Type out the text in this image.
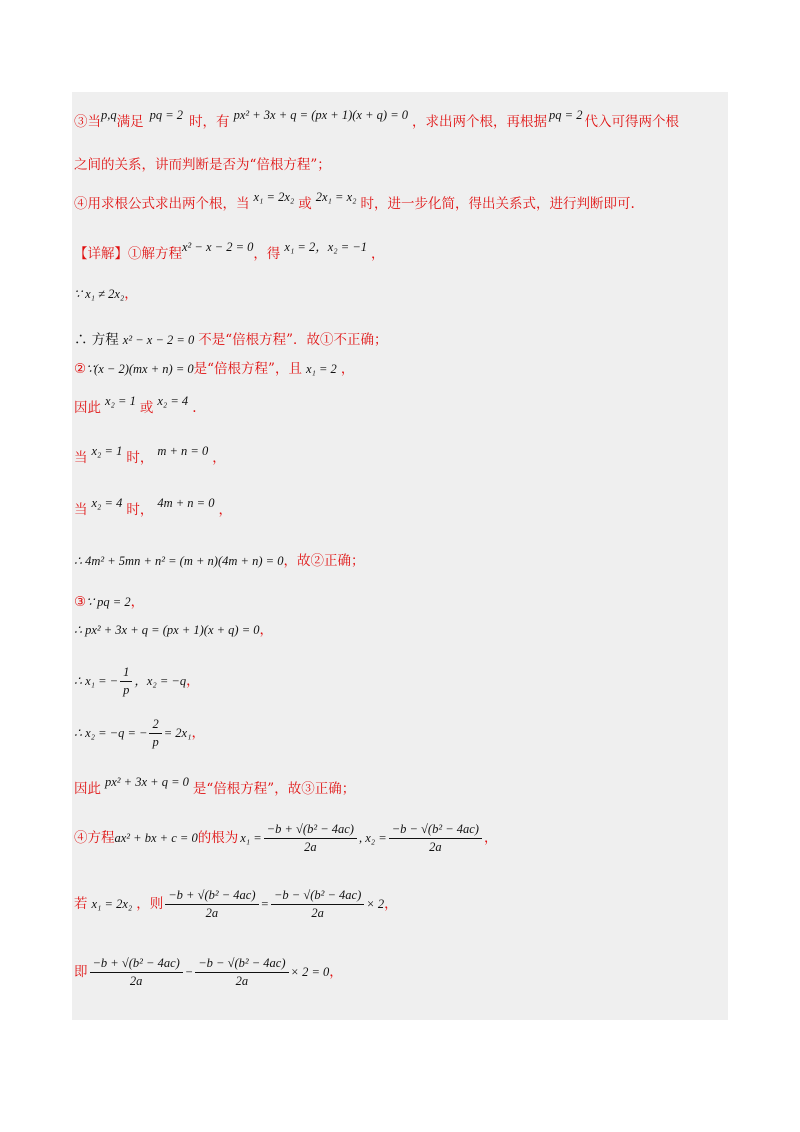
③当p,q满足 pq = 2 时，有 px² + 3x + q = (px + 1)(x + q) = 0 ，求出两个根，再根据 pq = 2 代入可得两个根
之间的关系，讲而判断是否为“倍根方程”；
④用求根公式求出两个根，当 x₁ = 2x₂ 或 2x₁ = x₂ 时，进一步化简，得出关系式，进行判断即可.
【详解】①解方程x² − x − 2 = 0，得 x₁ = 2，x₂ = −1 ，
∵ x₁ ≠ 2x₂，
∴ 方程 x² − x − 2 = 0 不是“倍根方程”．故①不正确；
②∵(x − 2)(mx + n) = 0是“倍根方程”，且 x₁ = 2 ，
因此 x₂ = 1 或 x₂ = 4 .
当 x₂ = 1 时， m + n = 0 ，
当 x₂ = 4 时， 4m + n = 0 ，
∴ 4m² + 5mn + n² = (m + n)(4m + n) = 0，故②正确；
③∵ pq = 2，
∴ px² + 3x + q = (px + 1)(x + q) = 0，
∴ x₁ = − $\frac{1}{p}$ ，x₂ = −q，
∴ x₂ = −q = − $\frac{2}{p} = 2x_1$，
因此 px² + 3x + q = 0 是“倍根方程”，故③正确；
④方程ax² + bx + c = 0的根为 $x_1 = \frac{\text{−b + √(b² − 4ac)}}{2a}$ , $x_2 = \frac{\text{−b − √(b² − 4ac)}}{2a}$ ，
若 x₁ = 2x₂ ，则 $\frac{\text{−b + √(b² − 4ac)}}{2a} = \frac{\text{−b − √(b² − 4ac)}}{2a} \times 2$，
即 $\frac{\text{−b + √(b² − 4ac)}}{2a} - \frac{\text{−b − √(b² − 4ac)}}{2a} \times 2 = 0$，
